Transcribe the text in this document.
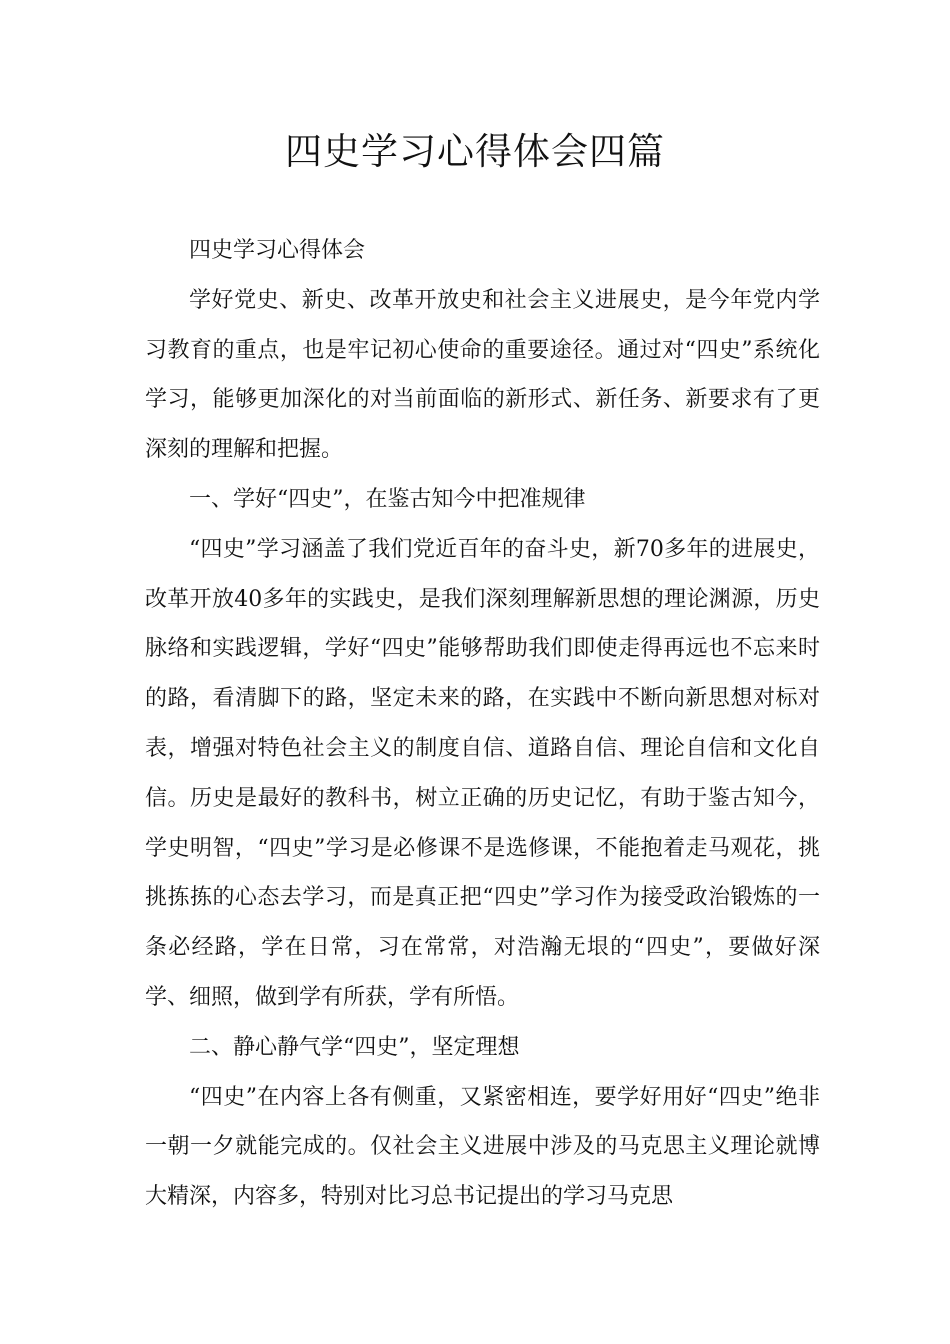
四史学习心得体会四篇

四史学习心得体会

学好党史、新史、改革开放史和社会主义进展史，是今年党内学习教育的重点，也是牢记初心使命的重要途径。通过对“四史”系统化学习，能够更加深化的对当前面临的新形式、新任务、新要求有了更深刻的理解和把握。

一、学好“四史”，在鉴古知今中把准规律

“四史”学习涵盖了我们党近百年的奋斗史，新70多年的进展史，改革开放40多年的实践史，是我们深刻理解新思想的理论渊源，历史脉络和实践逻辑，学好“四史”能够帮助我们即使走得再远也不忘来时的路，看清脚下的路，坚定未来的路，在实践中不断向新思想对标对表，增强对特色社会主义的制度自信、道路自信、理论自信和文化自信。历史是最好的教科书，树立正确的历史记忆，有助于鉴古知今，学史明智，“四史”学习是必修课不是选修课，不能抱着走马观花，挑挑拣拣的心态去学习，而是真正把“四史”学习作为接受政治锻炼的一条必经路，学在日常，习在常常，对浩瀚无垠的“四史”，要做好深学、细照，做到学有所获，学有所悟。

二、静心静气学“四史”，坚定理想

“四史”在内容上各有侧重，又紧密相连，要学好用好“四史”绝非一朝一夕就能完成的。仅社会主义进展中涉及的马克思主义理论就博大精深，内容多，特别对比习总书记提出的学习马克思
